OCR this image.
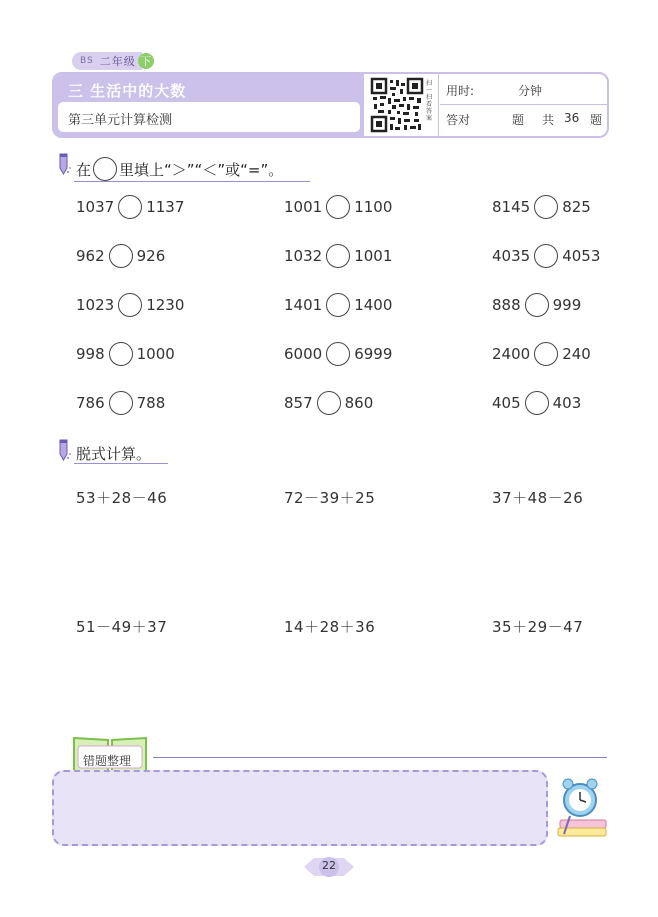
BS 二年级 下
三 生活中的大数
第三单元计算检测
扫一扫看答案
用时:	分钟
答对	题 共 36 题
在 里填上“＞”“＜”或“=”。
1037 1137	1001 1100	8145 825
962 926	1032 1001	4035 4053
1023 1230	1401 1400	888 999
998 1000	6000 6999	2400 240
786 788	857 860	405 403
脱式计算。
53＋28－46	72－39＋25	37＋48－26
51－49＋37	14＋28＋36	35＋29－47
错题整理
22
